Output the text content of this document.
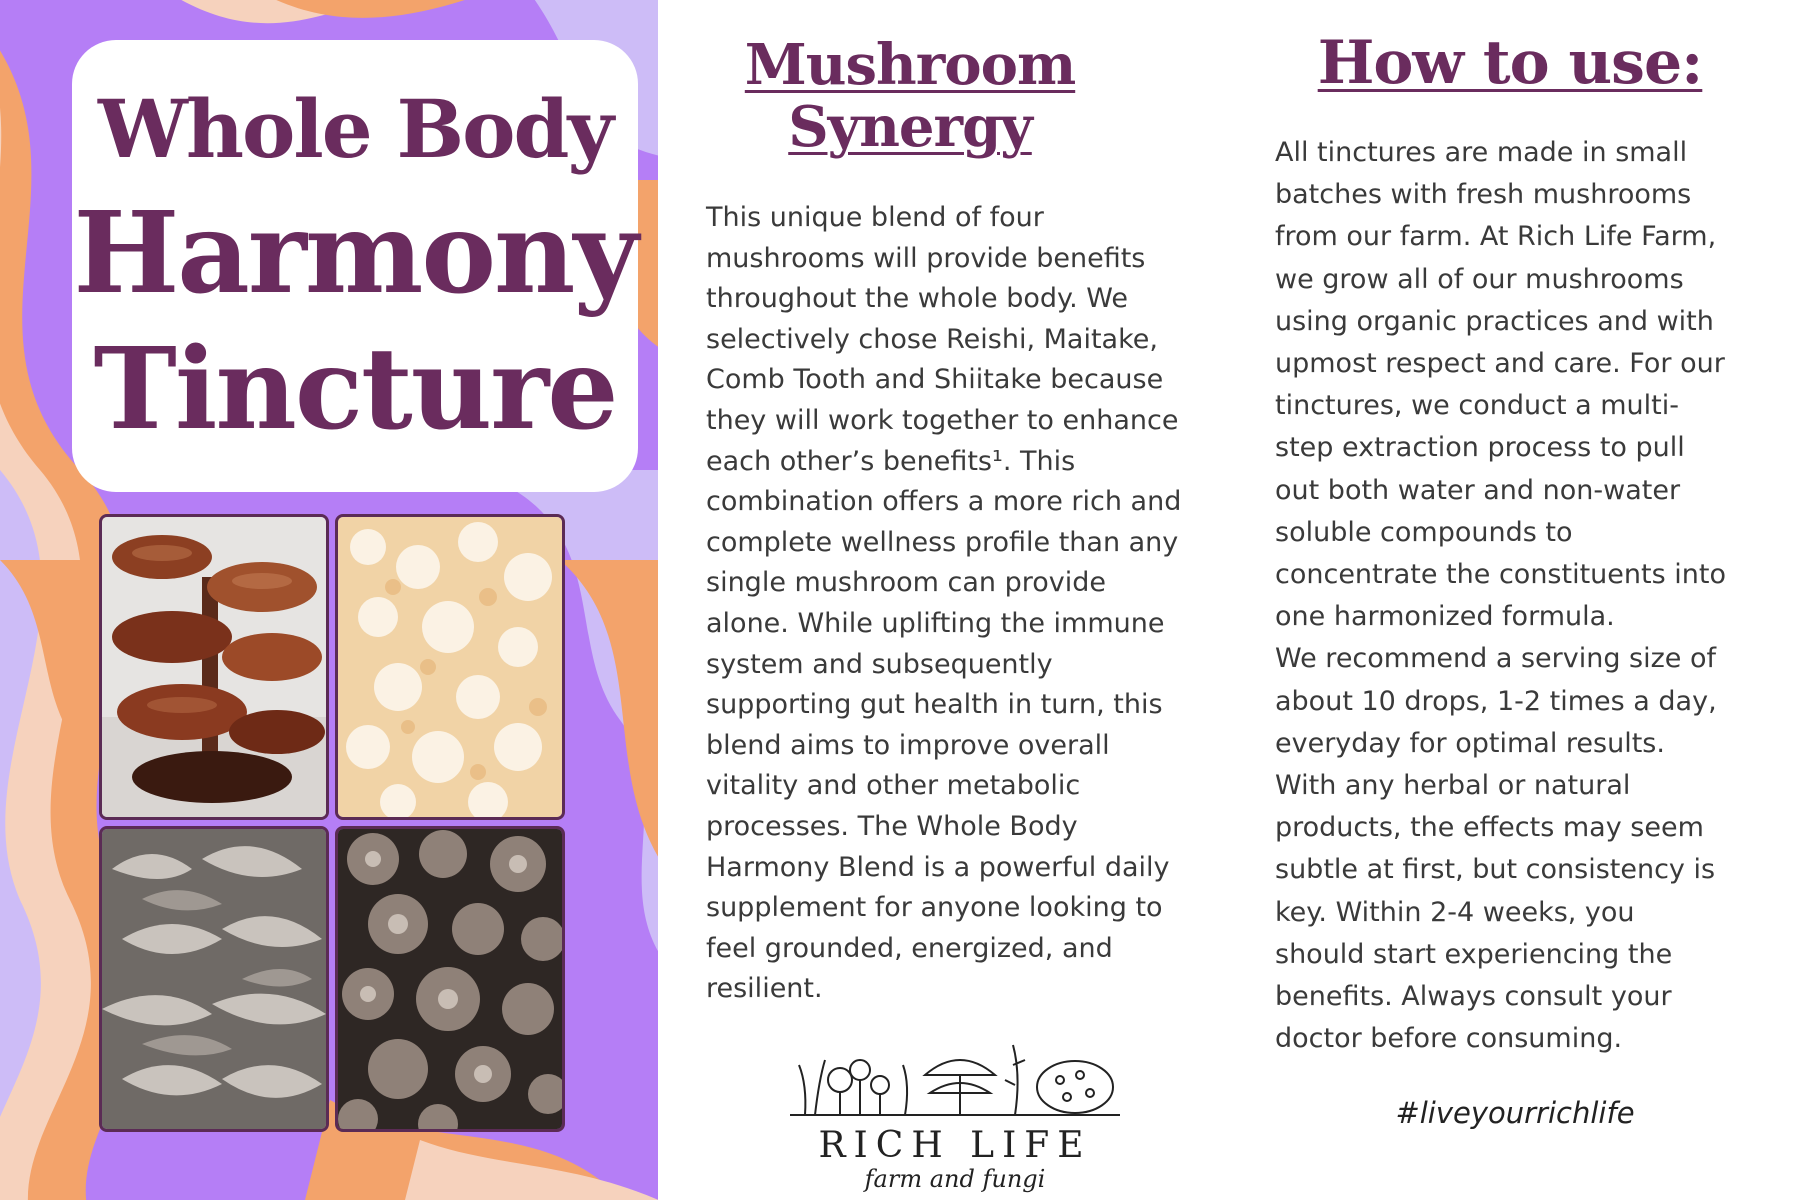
Whole Body
Harmony
Tincture
Mushroom
Synergy

This unique blend of four
mushrooms will provide benefits
throughout the whole body. We
selectively chose Reishi, Maitake,
Comb Tooth and Shiitake because
they will work together to enhance
each other’s benefits¹. This
combination offers a more rich and
complete wellness profile than any
single mushroom can provide
alone. While uplifting the immune
system and subsequently
supporting gut health in turn, this
blend aims to improve overall
vitality and other metabolic
processes. The Whole Body
Harmony Blend is a powerful daily
supplement for anyone looking to
feel grounded, energized, and
resilient.

RICH LIFE
farm and fungi
How to use:

All tinctures are made in small
batches with fresh mushrooms
from our farm. At Rich Life Farm,
we grow all of our mushrooms
using organic practices and with
upmost respect and care. For our
tinctures, we conduct a multi-
step extraction process to pull
out both water and non-water
soluble compounds to
concentrate the constituents into
one harmonized formula.
We recommend a serving size of
about 10 drops, 1-2 times a day,
everyday for optimal results.
With any herbal or natural
products, the effects may seem
subtle at first, but consistency is
key. Within 2-4 weeks, you
should start experiencing the
benefits. Always consult your
doctor before consuming.

#liveyourrichlife
